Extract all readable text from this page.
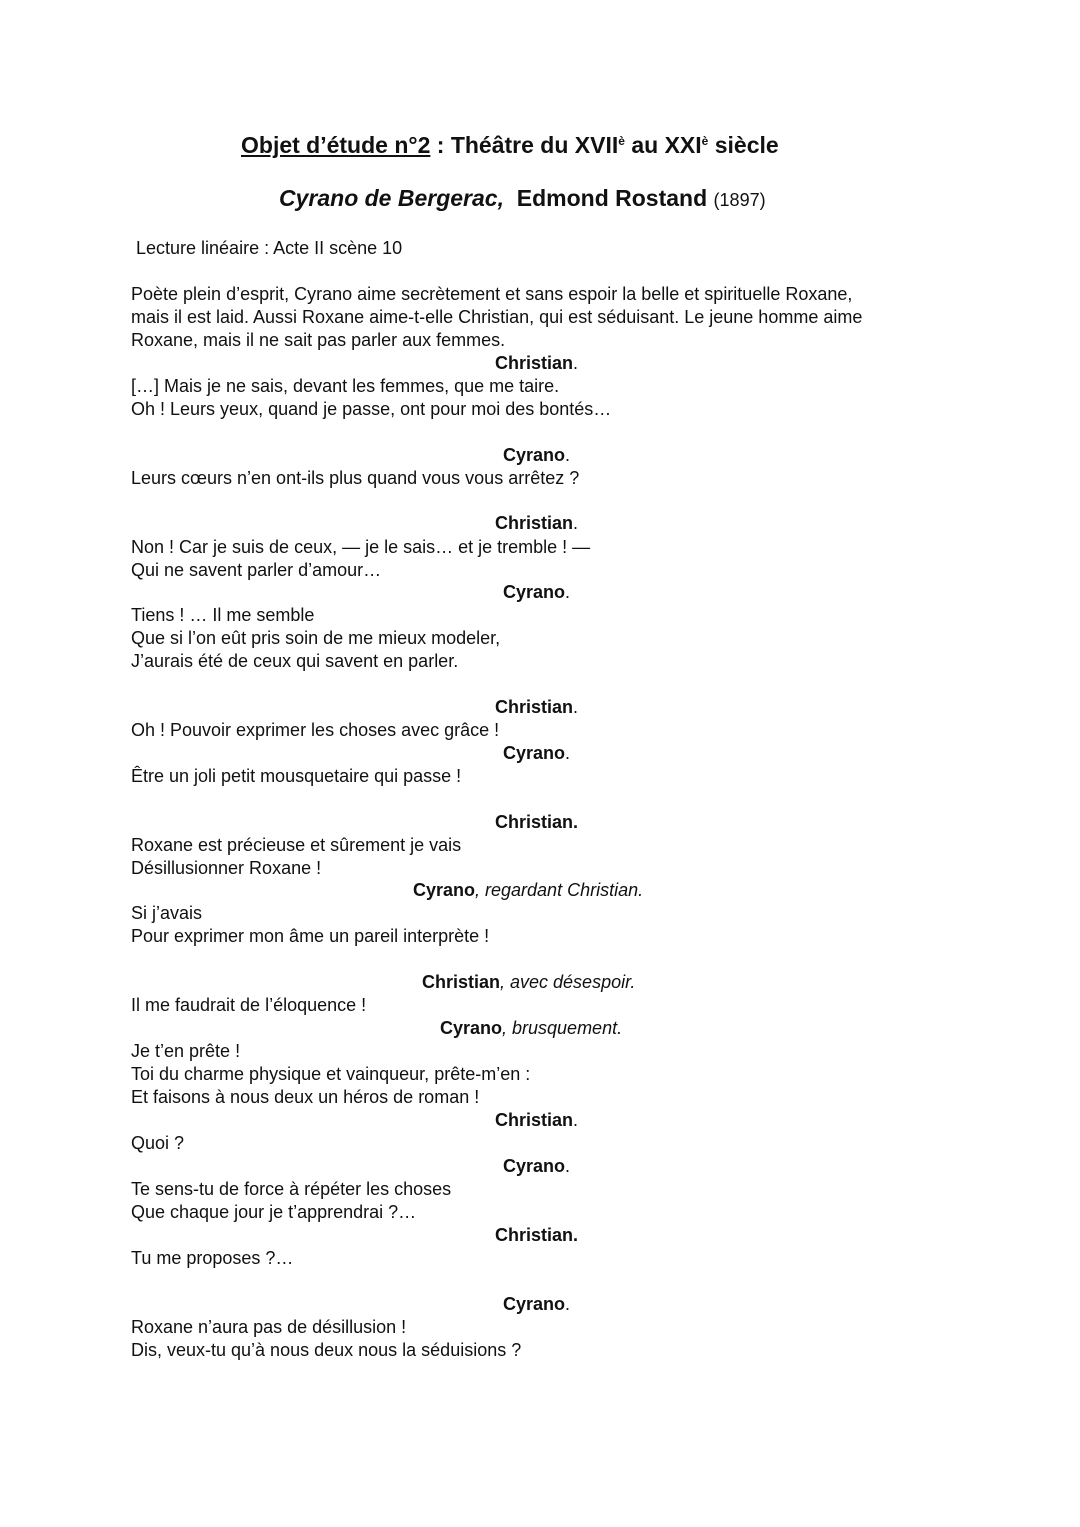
Objet d’étude n°2 : Théâtre du $XVII^è$ au $XXI^è$ siècle
Cyrano de Bergerac, Edmond Rostand (1897)
Lecture linéaire : Acte II scène 10
Poète plein d’esprit, Cyrano aime secrètement et sans espoir la belle et spirituelle Roxane,
mais il est laid. Aussi Roxane aime-t-elle Christian, qui est séduisant. Le jeune homme aime
Roxane, mais il ne sait pas parler aux femmes.
Christian.
[…] Mais je ne sais, devant les femmes, que me taire.
Oh ! Leurs yeux, quand je passe, ont pour moi des bontés…
Cyrano.
Leurs cœurs n’en ont-ils plus quand vous vous arrêtez ?
Christian.
Non ! Car je suis de ceux, — je le sais… et je tremble ! —
Qui ne savent parler d’amour…
Cyrano.
Tiens ! … Il me semble
Que si l’on eût pris soin de me mieux modeler,
J’aurais été de ceux qui savent en parler.
Christian.
Oh ! Pouvoir exprimer les choses avec grâce !
Cyrano.
Être un joli petit mousquetaire qui passe !
Christian.
Roxane est précieuse et sûrement je vais
Désillusionner Roxane !
Cyrano, regardant Christian.
Si j’avais
Pour exprimer mon âme un pareil interprète !
Christian, avec désespoir.
Il me faudrait de l’éloquence !
Cyrano, brusquement.
Je t’en prête !
Toi du charme physique et vainqueur, prête-m’en :
Et faisons à nous deux un héros de roman !
Christian.
Quoi ?
Cyrano.
Te sens-tu de force à répéter les choses
Que chaque jour je t’apprendrai ?…
Christian.
Tu me proposes ?…
Cyrano.
Roxane n’aura pas de désillusion !
Dis, veux-tu qu’à nous deux nous la séduisions ?
